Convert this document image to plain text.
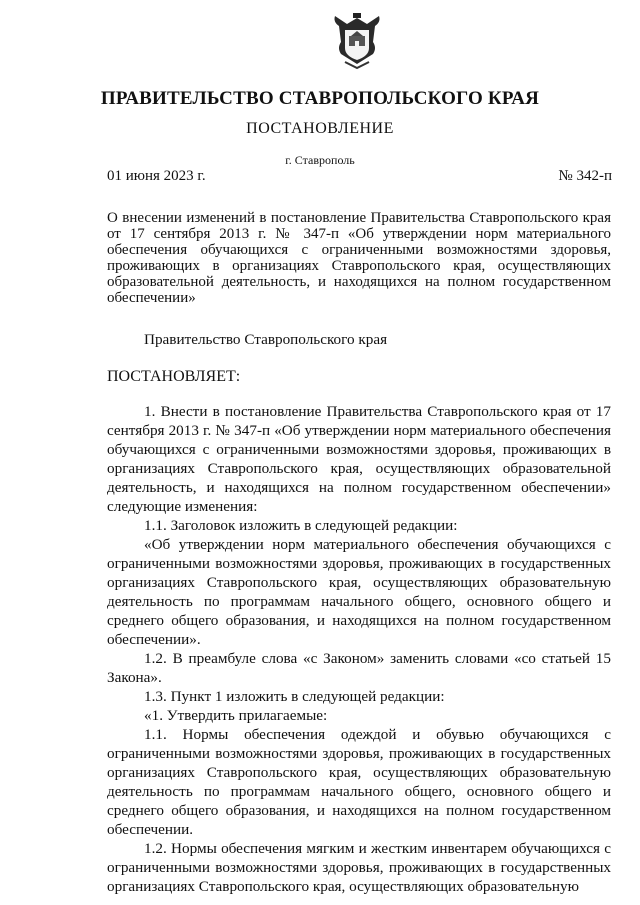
ПРАВИТЕЛЬСТВО СТАВРОПОЛЬСКОГО КРАЯ
ПОСТАНОВЛЕНИЕ
г. Ставрополь
01 июня 2023 г.	№ 342-п
О внесении изменений в постановление Правительства Ставропольского края от 17 сентября 2013 г. № 347-п «Об утверждении норм материального обеспечения обучающихся с ограниченными возможностями здоровья, проживающих в организациях Ставропольского края, осуществляющих образовательной деятельность, и находящихся на полном государственном обеспечении»
Правительство Ставропольского края
ПОСТАНОВЛЯЕТ:

1. Внести в постановление Правительства Ставропольского края от 17 сентября 2013 г. № 347-п «Об утверждении норм материального обеспечения обучающихся с ограниченными возможностями здоровья, проживающих в организациях Ставропольского края, осуществляющих образовательной деятельность, и находящихся на полном государственном обеспечении» следующие изменения:

1.1. Заголовок изложить в следующей редакции:

«Об утверждении норм материального обеспечения обучающихся с ограниченными возможностями здоровья, проживающих в государственных организациях Ставропольского края, осуществляющих образовательную деятельность по программам начального общего, основного общего и среднего общего образования, и находящихся на полном государственном обеспечении».

1.2. В преамбуле слова «с Законом» заменить словами «со статьей 15 Закона».

1.3. Пункт 1 изложить в следующей редакции:

«1. Утвердить прилагаемые:

1.1. Нормы обеспечения одеждой и обувью обучающихся с ограниченными возможностями здоровья, проживающих в государственных организациях Ставропольского края, осуществляющих образовательную деятельность по программам начального общего, основного общего и среднего общего образования, и находящихся на полном государственном обеспечении.

1.2. Нормы обеспечения мягким и жестким инвентарем обучающихся с ограниченными возможностями здоровья, проживающих в государственных организациях Ставропольского края, осуществляющих образовательную
